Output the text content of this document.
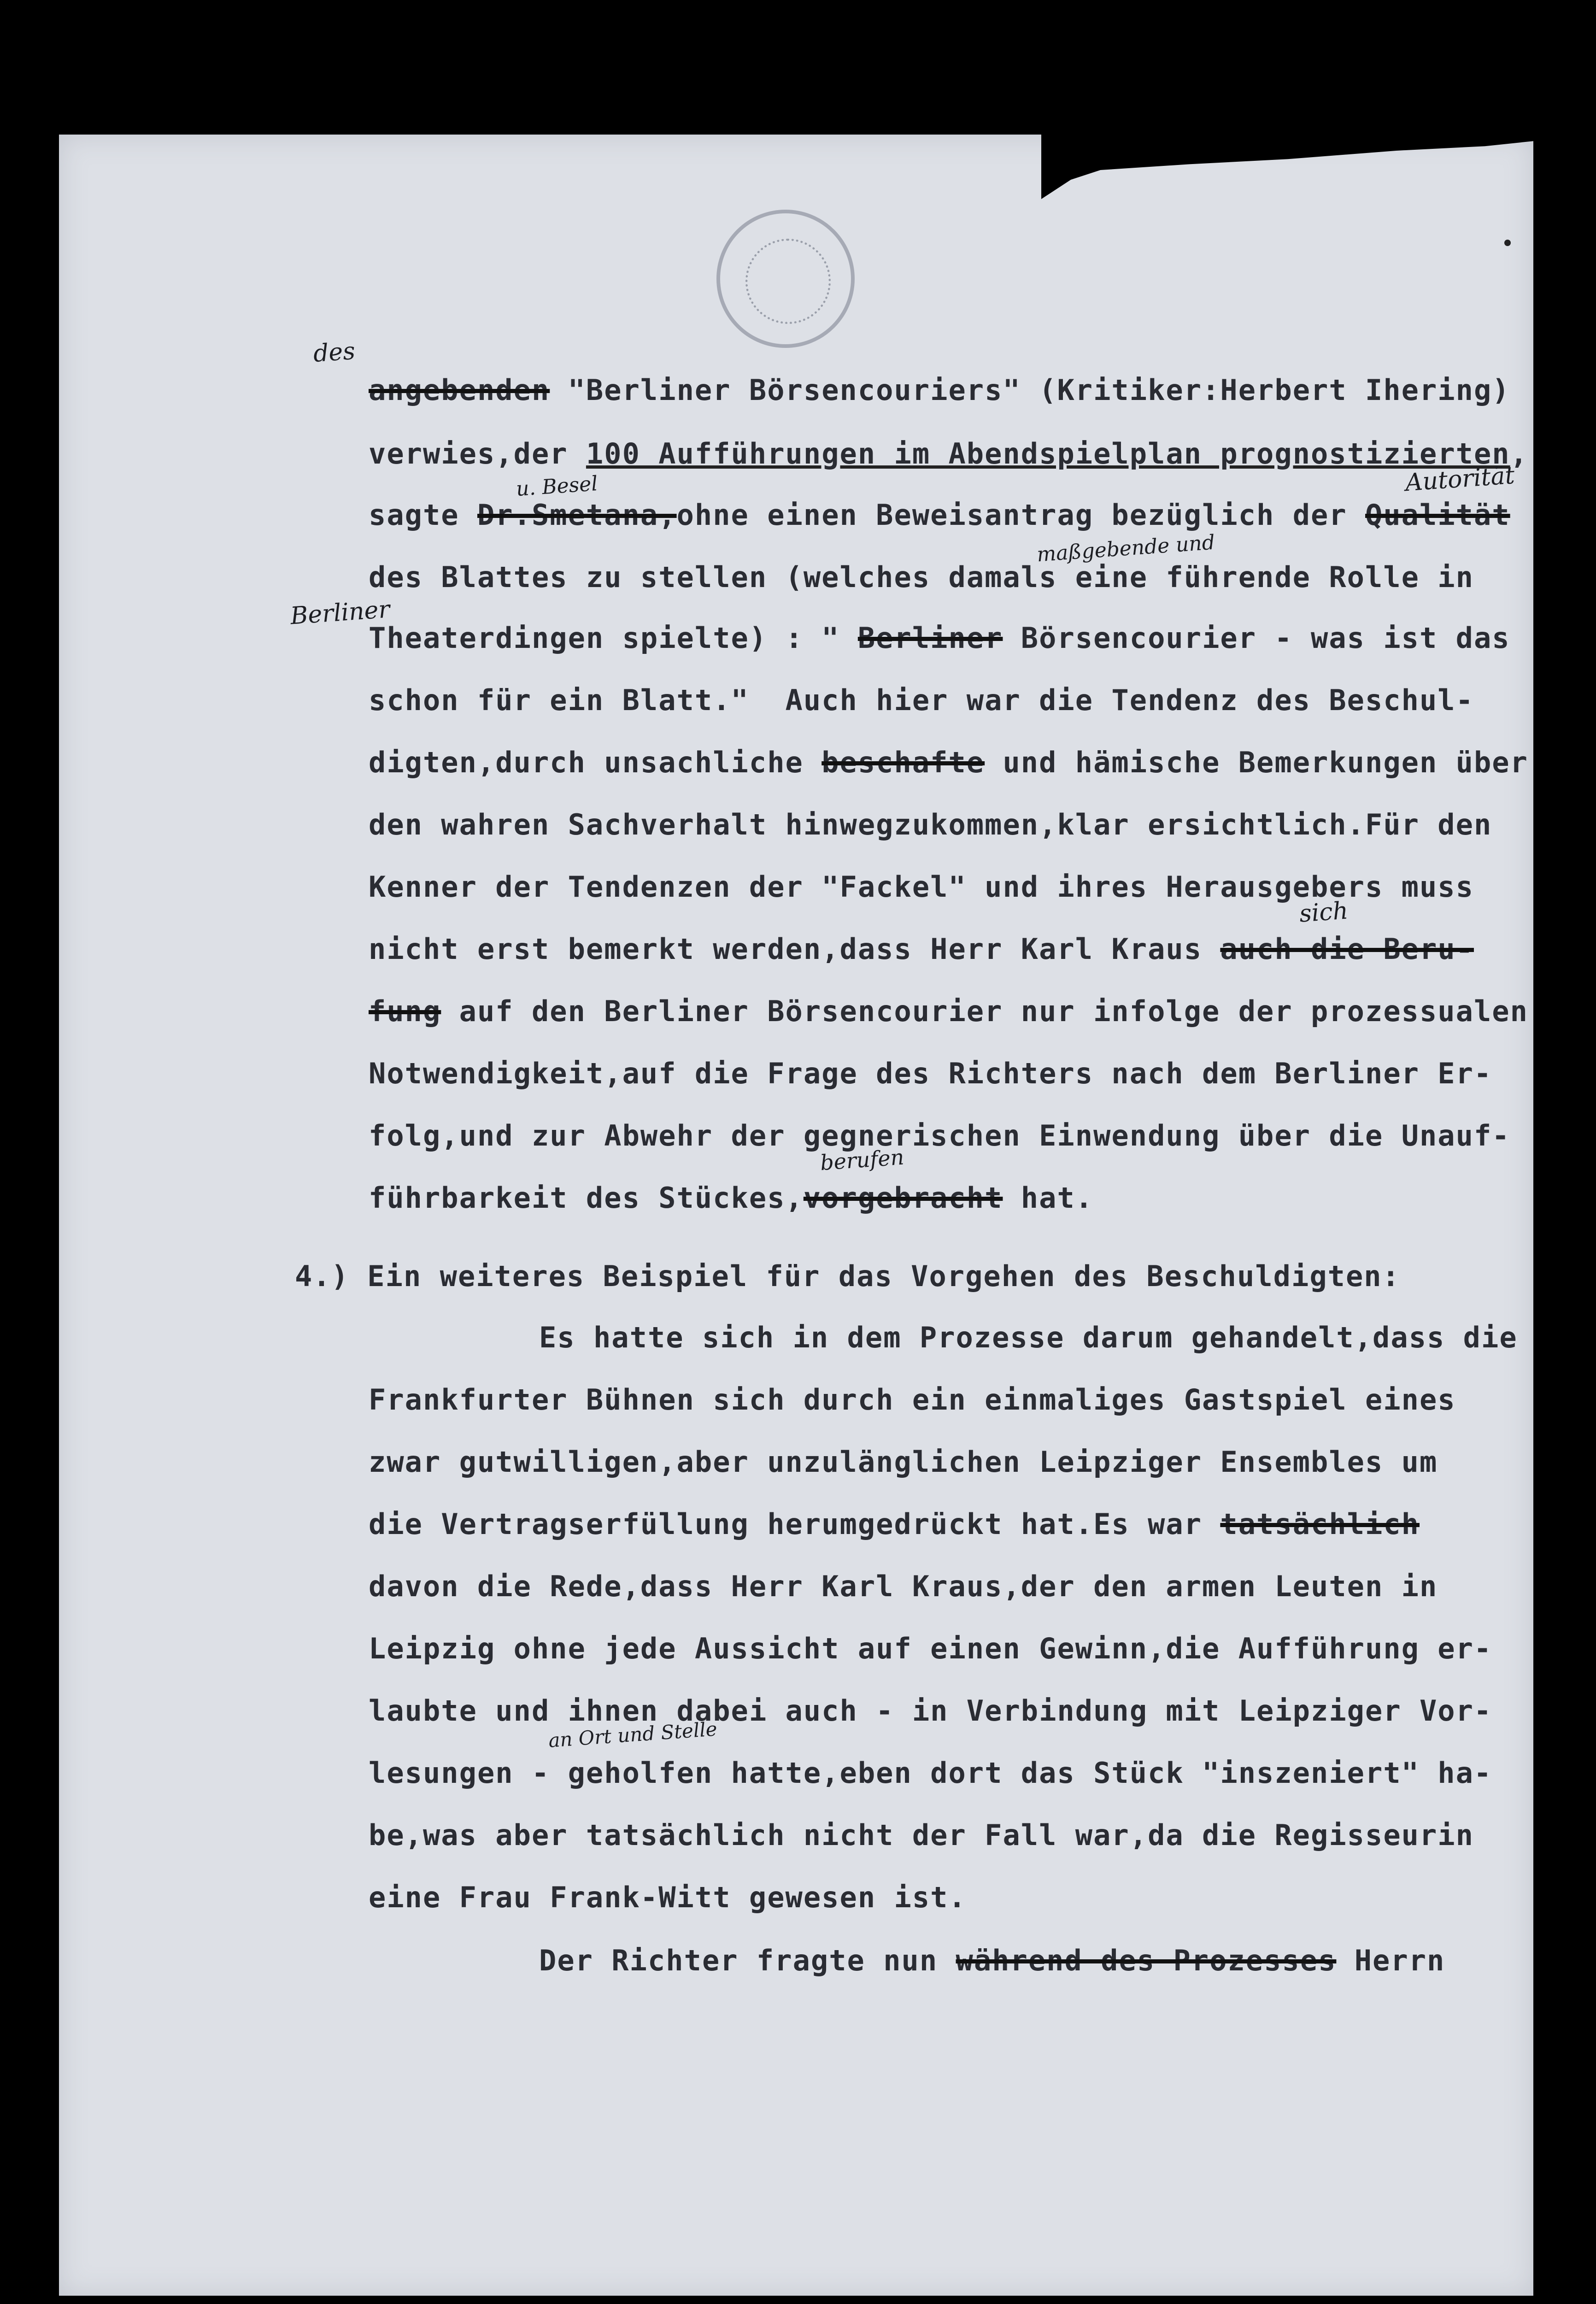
angebenden "Berliner Börsencouriers" (Kritiker:Herbert Ihering)
verwies,der 100 Aufführungen im Abendspielplan prognostizierten,
sagte Dr.Smetana,ohne einen Beweisantrag bezüglich der Qualität
des Blattes zu stellen (welches damals eine führende Rolle in
Theaterdingen spielte) : " Berliner Börsencourier - was ist das
schon für ein Blatt."  Auch hier war die Tendenz des Beschul-
digten,durch unsachliche beschafte und hämische Bemerkungen über
den wahren Sachverhalt hinwegzukommen,klar ersichtlich.Für den
Kenner der Tendenzen der "Fackel" und ihres Herausgebers muss
nicht erst bemerkt werden,dass Herr Karl Kraus auch die Beru-
fung auf den Berliner Börsencourier nur infolge der prozessualen
Notwendigkeit,auf die Frage des Richters nach dem Berliner Er-
folg,und zur Abwehr der gegnerischen Einwendung über die Unauf-
führbarkeit des Stückes,vorgebracht hat.
4.) Ein weiteres Beispiel für das Vorgehen des Beschuldigten:
Es hatte sich in dem Prozesse darum gehandelt,dass die
Frankfurter Bühnen sich durch ein einmaliges Gastspiel eines
zwar gutwilligen,aber unzulänglichen Leipziger Ensembles um
die Vertragserfüllung herumgedrückt hat.Es war tatsächlich
davon die Rede,dass Herr Karl Kraus,der den armen Leuten in
Leipzig ohne jede Aussicht auf einen Gewinn,die Aufführung er-
laubte und ihnen dabei auch - in Verbindung mit Leipziger Vor-
lesungen - geholfen hatte,eben dort das Stück "inszeniert" ha-
be,was aber tatsächlich nicht der Fall war,da die Regisseurin
eine Frau Frank-Witt gewesen ist.
Der Richter fragte nun während des Prozesses Herrn
des
u. Besel	Autorität
maßgebende und
Berliner
sich
berufen
an Ort und Stelle
